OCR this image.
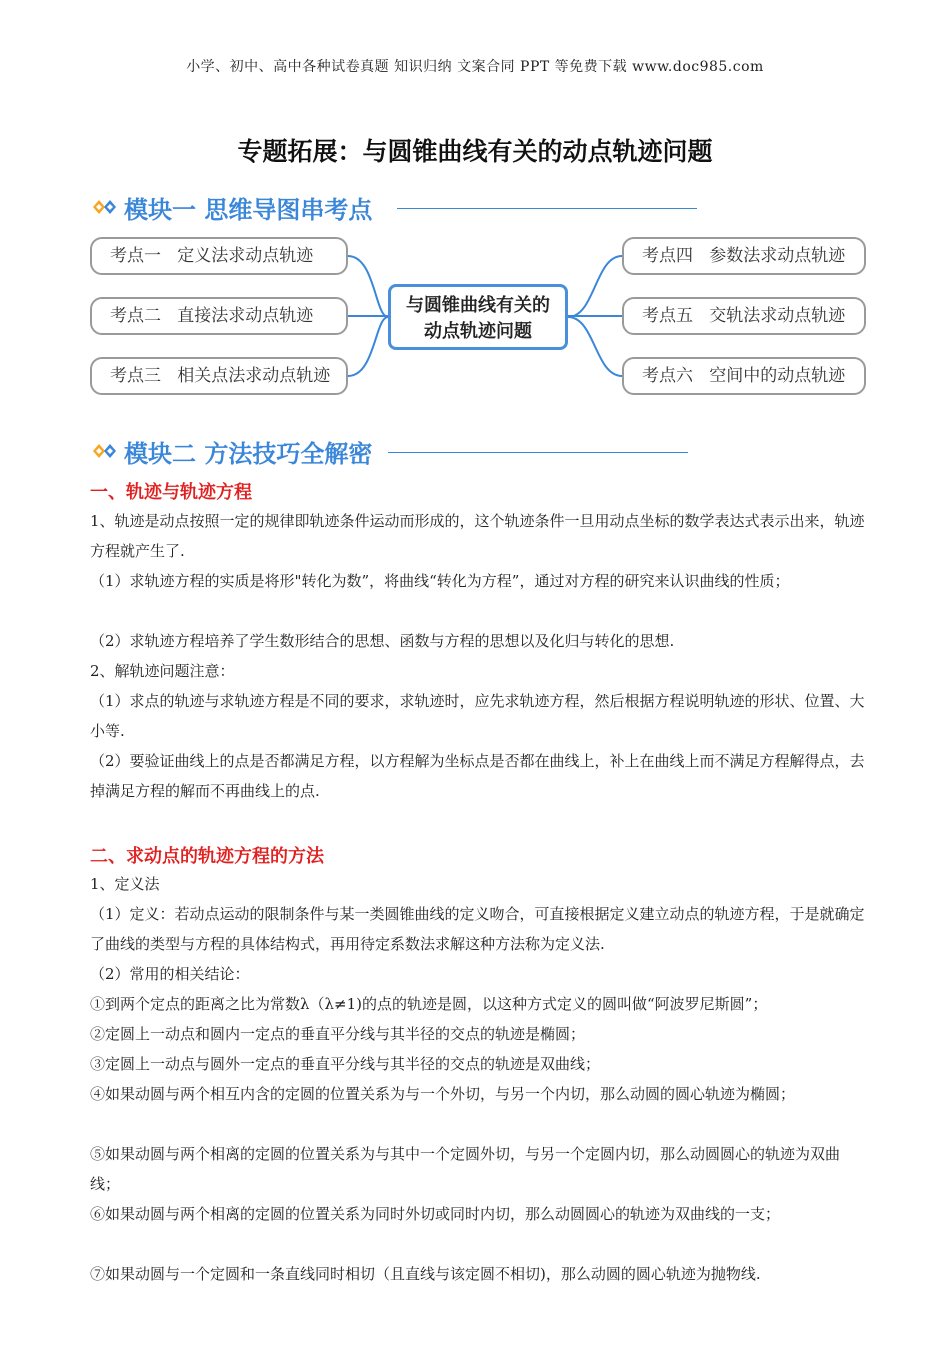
小学、初中、高中各种试卷真题 知识归纳 文案合同 PPT 等免费下载 www.doc985.com
专题拓展：与圆锥曲线有关的动点轨迹问题
模块一 思维导图串考点
考点一   定义法求动点轨迹
考点二   直接法求动点轨迹
考点三   相关点法求动点轨迹
考点四   参数法求动点轨迹
考点五   交轨法求动点轨迹
考点六   空间中的动点轨迹
与圆锥曲线有关的
动点轨迹问题
模块二 方法技巧全解密
一、轨迹与轨迹方程
1、轨迹是动点按照一定的规律即轨迹条件运动而形成的，这个轨迹条件一旦用动点坐标的数学表达式表示出来，轨迹方程就产生了.
（1）求轨迹方程的实质是将形"转化为数”，将曲线“转化为方程”，通过对方程的研究来认识曲线的性质；
（2）求轨迹方程培养了学生数形结合的思想、函数与方程的思想以及化归与转化的思想.
2、解轨迹问题注意：
（1）求点的轨迹与求轨迹方程是不同的要求，求轨迹时，应先求轨迹方程，然后根据方程说明轨迹的形状、位置、大小等.
（2）要验证曲线上的点是否都满足方程，以方程解为坐标点是否都在曲线上，补上在曲线上而不满足方程解得点，去掉满足方程的解而不再曲线上的点.
二、求动点的轨迹方程的方法
1、定义法
（1）定义：若动点运动的限制条件与某一类圆锥曲线的定义吻合，可直接根据定义建立动点的轨迹方程，于是就确定了曲线的类型与方程的具体结构式，再用待定系数法求解这种方法称为定义法.
（2）常用的相关结论：
①到两个定点的距离之比为常数λ（λ≠1)的点的轨迹是圆，以这种方式定义的圆叫做“阿波罗尼斯圆”；
②定圆上一动点和圆内一定点的垂直平分线与其半径的交点的轨迹是椭圆；
③定圆上一动点与圆外一定点的垂直平分线与其半径的交点的轨迹是双曲线；
④如果动圆与两个相互内含的定圆的位置关系为与一个外切，与另一个内切，那么动圆的圆心轨迹为椭圆；
⑤如果动圆与两个相离的定圆的位置关系为与其中一个定圆外切，与另一个定圆内切，那么动圆圆心的轨迹为双曲线；
⑥如果动圆与两个相离的定圆的位置关系为同时外切或同时内切，那么动圆圆心的轨迹为双曲线的一支；
⑦如果动圆与一个定圆和一条直线同时相切（且直线与该定圆不相切)，那么动圆的圆心轨迹为抛物线.
